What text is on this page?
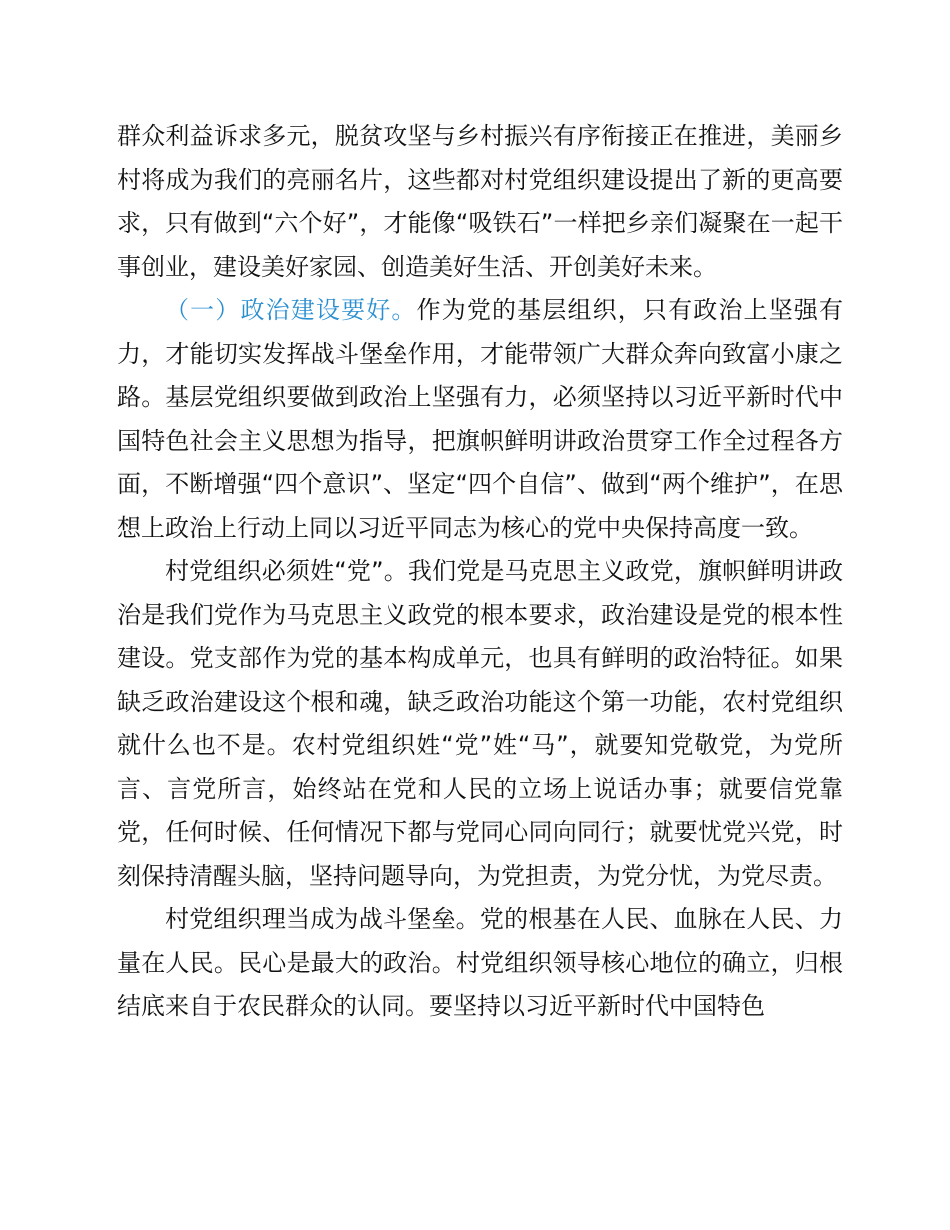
群众利益诉求多元，脱贫攻坚与乡村振兴有序衔接正在推进，美丽乡村将成为我们的亮丽名片，这些都对村党组织建设提出了新的更高要求，只有做到“六个好”，才能像“吸铁石”一样把乡亲们凝聚在一起干事创业，建设美好家园、创造美好生活、开创美好未来。

（一）政治建设要好。作为党的基层组织，只有政治上坚强有力，才能切实发挥战斗堡垒作用，才能带领广大群众奔向致富小康之路。基层党组织要做到政治上坚强有力，必须坚持以习近平新时代中国特色社会主义思想为指导，把旗帜鲜明讲政治贯穿工作全过程各方面，不断增强“四个意识”、坚定“四个自信”、做到“两个维护”，在思想上政治上行动上同以习近平同志为核心的党中央保持高度一致。

村党组织必须姓“党”。我们党是马克思主义政党，旗帜鲜明讲政治是我们党作为马克思主义政党的根本要求，政治建设是党的根本性建设。党支部作为党的基本构成单元，也具有鲜明的政治特征。如果缺乏政治建设这个根和魂，缺乏政治功能这个第一功能，农村党组织就什么也不是。农村党组织姓“党”姓“马”，就要知党敬党，为党所言、言党所言，始终站在党和人民的立场上说话办事；就要信党靠党，任何时候、任何情况下都与党同心同向同行；就要忧党兴党，时刻保持清醒头脑，坚持问题导向，为党担责，为党分忧，为党尽责。

村党组织理当成为战斗堡垒。党的根基在人民、血脉在人民、力量在人民。民心是最大的政治。村党组织领导核心地位的确立，归根结底来自于农民群众的认同。要坚持以习近平新时代中国特色
